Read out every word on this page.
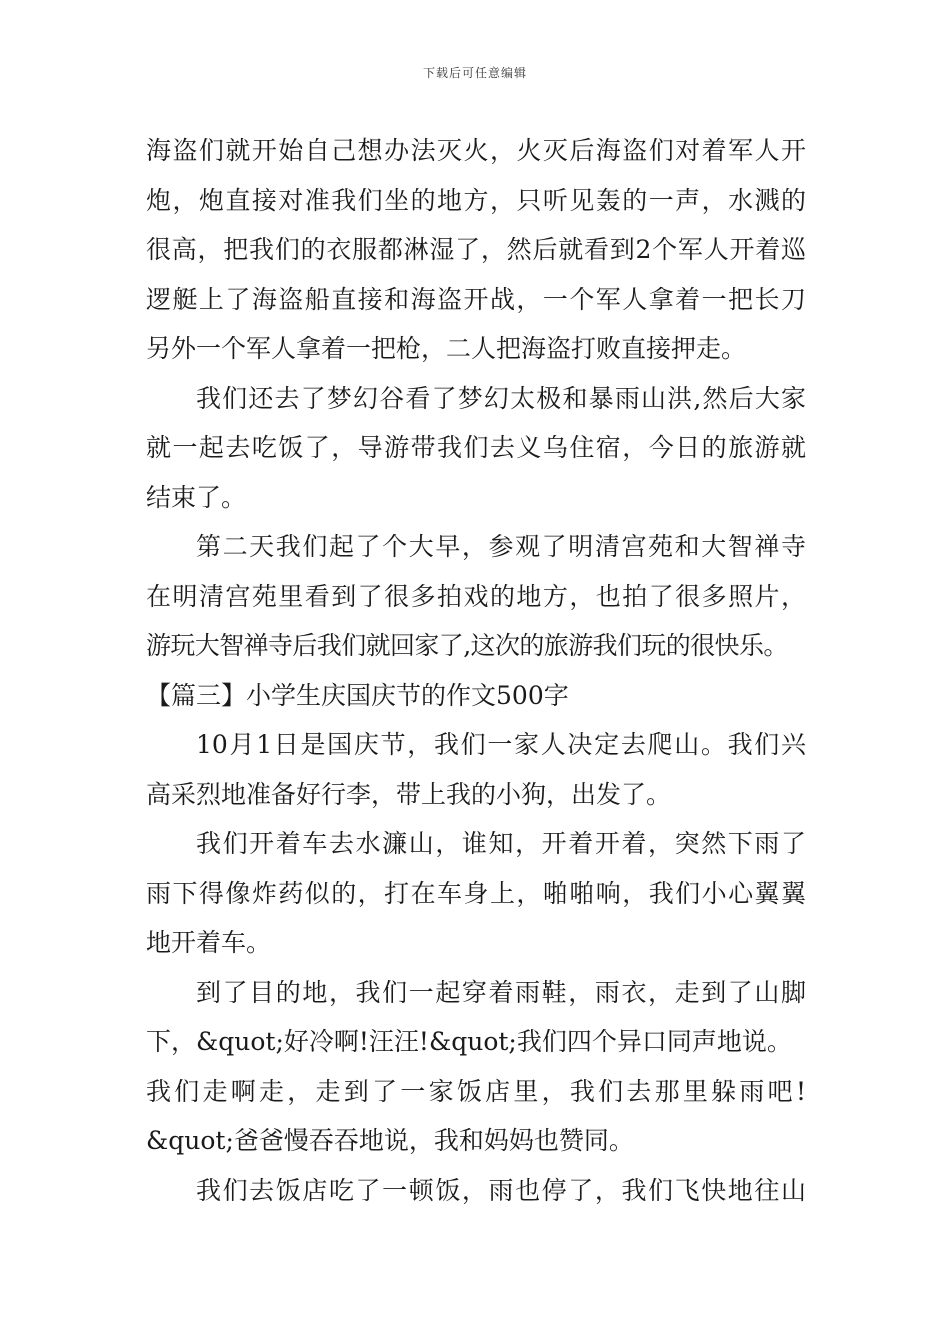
下载后可任意编辑
海盗们就开始自己想办法灭火，火灭后海盗们对着军人开
炮，炮直接对准我们坐的地方，只听见轰的一声，水溅的
很高，把我们的衣服都淋湿了，然后就看到2个军人开着巡
逻艇上了海盗船直接和海盗开战，一个军人拿着一把长刀
另外一个军人拿着一把枪，二人把海盗打败直接押走。
我们还去了梦幻谷看了梦幻太极和暴雨山洪,然后大家
就一起去吃饭了，导游带我们去义乌住宿，今日的旅游就
结束了。
第二天我们起了个大早，参观了明清宫苑和大智禅寺
在明清宫苑里看到了很多拍戏的地方，也拍了很多照片，
游玩大智禅寺后我们就回家了,这次的旅游我们玩的很快乐。
【篇三】小学生庆国庆节的作文500字
10月1日是国庆节，我们一家人决定去爬山。我们兴
高采烈地准备好行李，带上我的小狗，出发了。
我们开着车去水濂山，谁知，开着开着，突然下雨了
雨下得像炸药似的，打在车身上，啪啪响，我们小心翼翼
地开着车。
到了目的地，我们一起穿着雨鞋，雨衣，走到了山脚
下，&quot;好冷啊!汪汪!&quot;我们四个异口同声地说。
我们走啊走，走到了一家饭店里，我们去那里躲雨吧!
&quot;爸爸慢吞吞地说，我和妈妈也赞同。
我们去饭店吃了一顿饭，雨也停了，我们飞快地往山
